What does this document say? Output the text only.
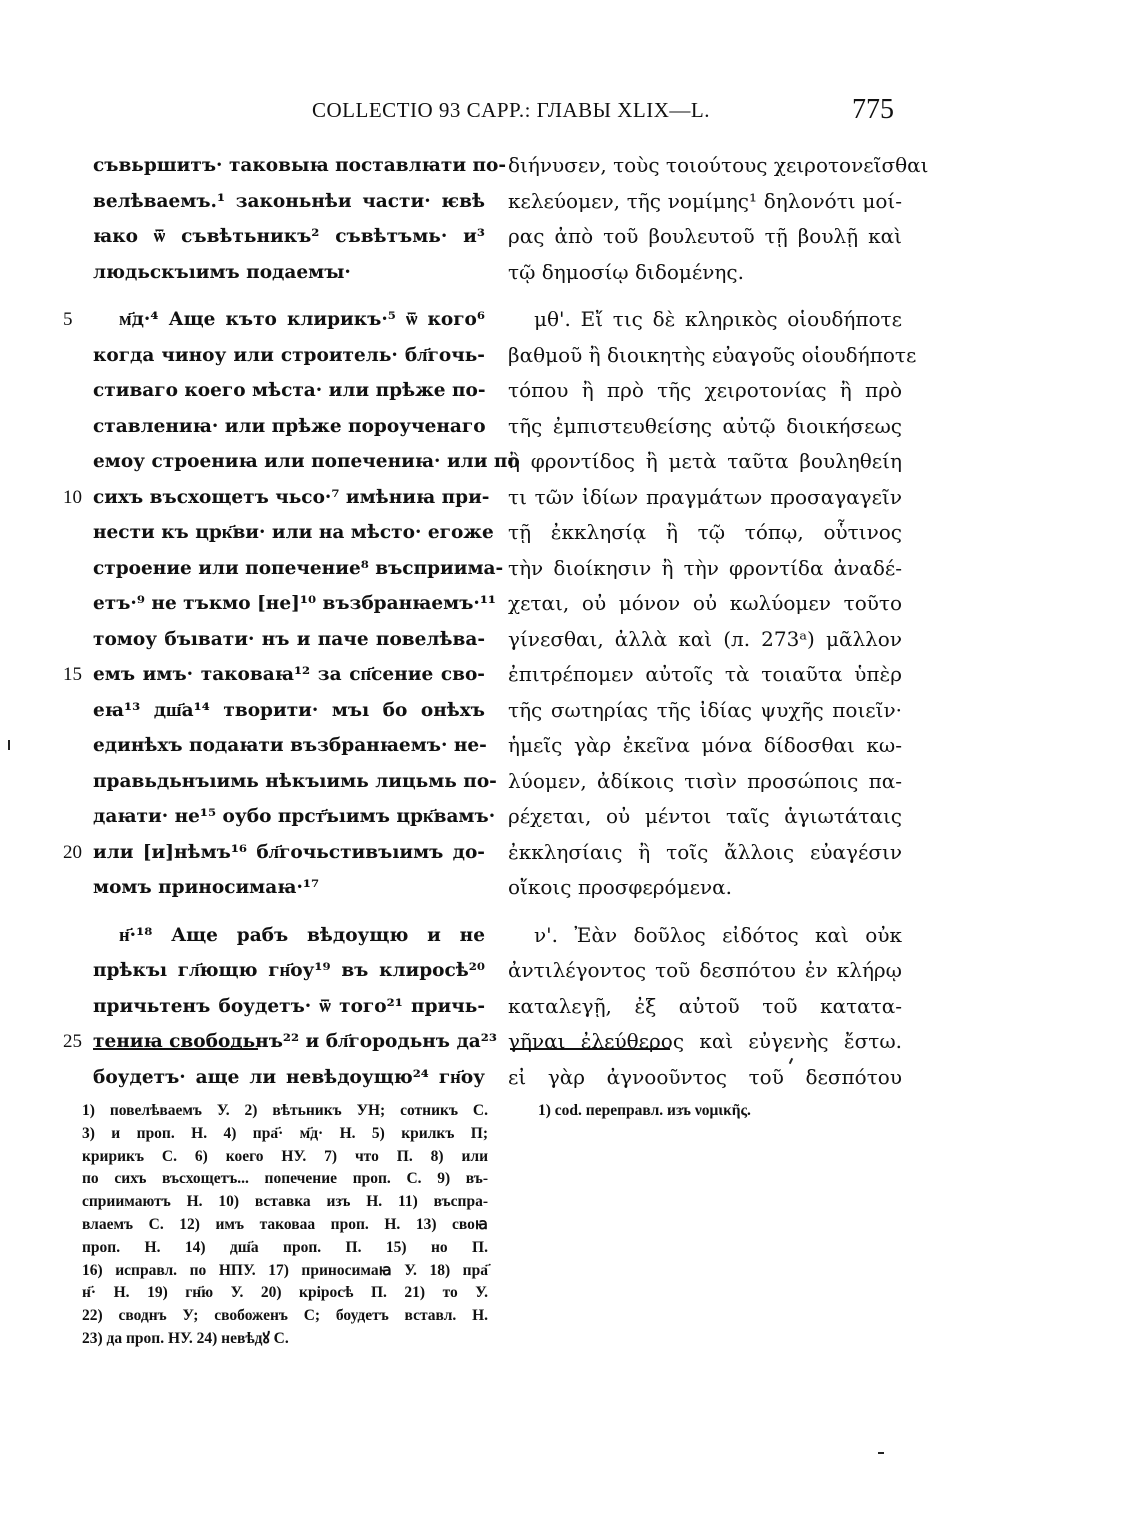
COLLECTIO 93 CAPP.: ГЛАВЫ XLIX—L.	775
съвьршитъ· таковыꙗ поставлꙗти по-
велѣваемъ.¹ законьнѣи части· ѥвѣ
ꙗко ѿ съвѣтьникъ² съвѣтъмь· и³
людьскъıимъ подаемꙑ·
5	м҃д·⁴ Аще къто клирикъ·⁵ ѿ кого⁶
когда чиноу или строитель· бл҃гочь-
стиваго коего мѣста· или прѣже по-
ставлениꙗ· или прѣже пороученаго
емоу строениꙗ или попечениꙗ· или по
10 сихъ въсхощетъ чьсо·⁷ имѣниꙗ при-
нести къ црк҃ви· или на мѣсто· егоже
строение или попечение⁸ въсприима-
етъ·⁹ не тъкмо [не]¹⁰ възбранꙗемъ·¹¹
томоу бъıвати· нъ и паче повелѣва-
15 емъ имъ· таковаꙗ¹² за сп҃сение сво-
еꙗ¹³ дш҃а¹⁴ творити· мъı бо онѣхъ
единѣхъ подаꙗти възбранꙗемъ· не-
правьдьнъıимь нѣкъıимь лицьмь по-
даꙗти· не¹⁵ оубо прст҃ъıимъ црк҃вамъ·
20 или [и]нѣмъ¹⁶ бл҃гочьстивъıимъ до-
момъ приносимаꙗ·¹⁷
н҃·¹⁸ Аще рабъ вѣдоущю и не
прѣкъı гл҃ющю гн҃оу¹⁹ въ клиросѣ²⁰
причьтенъ боудетъ· ѿ того²¹ причь-
25 тениꙗ свободьнъ²² и бл҃городьнъ да²³
боудетъ· аще ли невѣдоущю²⁴ гн҃оу
διήνυσεν, τοὺς τοιούτους χειροτονεῖσθαι
κελεύομεν, τῆς νομίμης¹ δηλονότι μοί-
ρας ἀπὸ τοῦ βουλευτοῦ τῇ βουλῇ καὶ
τῷ δημοσίῳ διδομένης.
μθ'. Εἴ τις δὲ κληρικὸς οἱουδήποτε
βαθμοῦ ἢ διοικητὴς εὐαγοῦς οἱουδήποτε
τόπου ἢ πρὸ τῆς χειροτονίας ἢ πρὸ
τῆς ἐμπιστευθείσης αὐτῷ διοικήσεως
ἢ φροντίδος ἢ μετὰ ταῦτα βουληθείη
τι τῶν ἰδίων πραγμάτων προσαγαγεῖν
τῇ ἐκκλησίᾳ ἢ τῷ τόπῳ, οὗτινος
τὴν διοίκησιν ἢ τὴν φροντίδα ἀναδέ-
χεται, οὐ μόνον οὐ κωλύομεν τοῦτο
γίνεσθαι, ἀλλὰ καὶ (л. 273ᵃ) μᾶλλον
ἐπιτρέπομεν αὐτοῖς τὰ τοιαῦτα ὑπὲρ
τῆς σωτηρίας τῆς ἰδίας ψυχῆς ποιεῖν·
ἡμεῖς γὰρ ἐκεῖνα μόνα δίδοσθαι κω-
λύομεν, ἀδίκοις τισὶν προσώποις πα-
ρέχεται, οὐ μέντοι ταῖς ἁγιωτάταις
ἐκκλησίαις ἢ τοῖς ἄλλοις εὐαγέσιν
οἴκοις προσφερόμενα.
ν'. Ἐὰν δοῦλος εἰδότος καὶ οὐκ
ἀντιλέγοντος τοῦ δεσπότου ἐν κλήρῳ
καταλεγῇ, ἐξ αὐτοῦ τοῦ κατατα-
γῆναι ἐλεύθερος καὶ εὐγενὴς ἔστω.
εἰ γὰρ ἀγνοοῦντος τοῦ δεσπότου
1) повелѣваемъ У. 2) вѣтьникъ УН; сотникъ С.
3) и проп. Н. 4) пра҃· м҃д· Н. 5) крилкъ П;
кририкъ С. 6) коего НУ. 7) что П. 8) или
по сихъ въсхощетъ... попечение проп. С. 9) въ-
сприимаютъ Н. 10) вставка изъ Н. 11) въспра-
влаемъ С. 12) имъ таковаа проп. Н. 13) своꙗ
проп. Н. 14) дш҃а проп. П. 15) но П.
16) исправл. по НПУ. 17) приносимаꙗ У. 18) пра҃
н҃· Н. 19) гн҃ю У. 20) крiросѣ П. 21) то У.
22) своднъ У; свобоженъ С; боудетъ вставл. Н.
23) да проп. НУ. 24) невѣдꙋ С.
1) cod. переправл. изъ νομικῆς.
